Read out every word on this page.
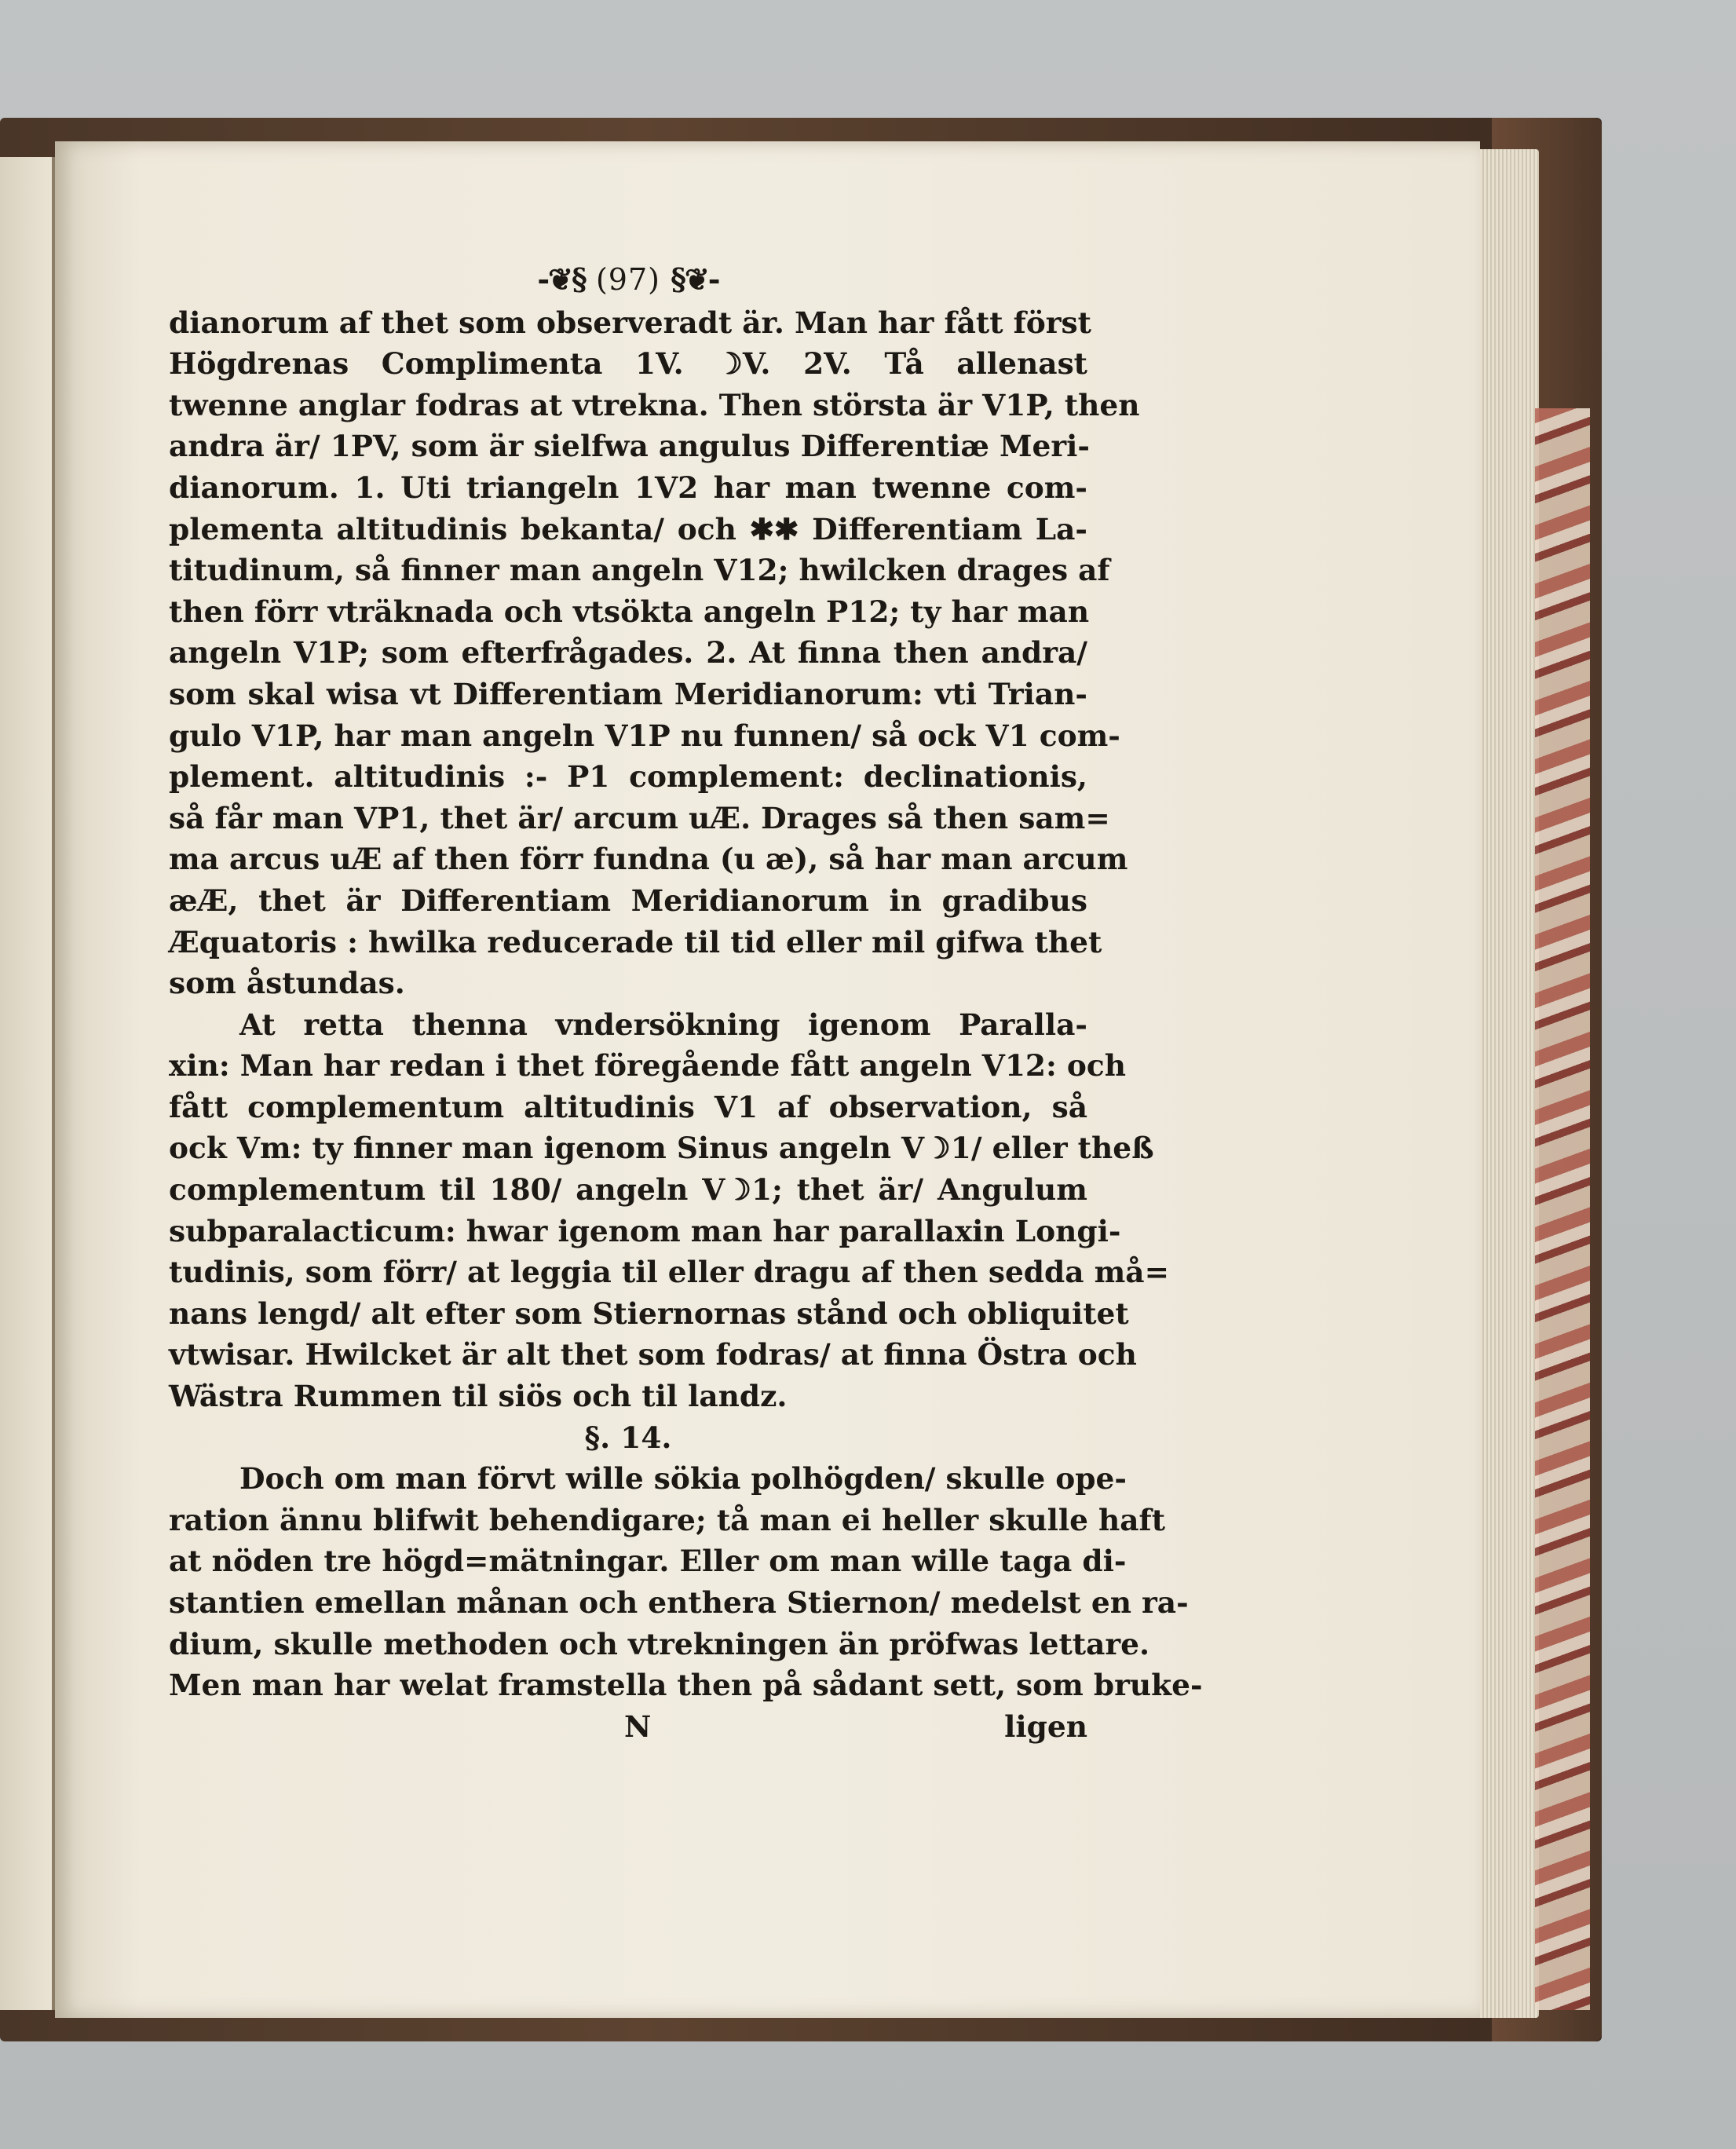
-❦§ (97) §❦-
dianorum af thet som observeradt är. Man har fått först
Högdrenas Complimenta 1V. ☽V. 2V. Tå allenast
twenne anglar fodras at vtrekna. Then största är V1P, then
andra är/ 1PV, som är sielfwa angulus Differentiæ Meri-
dianorum. 1. Uti triangeln 1V2 har man twenne com-
plementa altitudinis bekanta/ och ✱✱ Differentiam La-
titudinum, så finner man angeln V12; hwilcken drages af
then förr vträknada och vtsökta angeln P12; ty har man
angeln V1P; som efterfrågades. 2. At finna then andra/
som skal wisa vt Differentiam Meridianorum: vti Trian-
gulo V1P, har man angeln V1P nu funnen/ så ock V1 com-
plement. altitudinis :- P1 complement: declinationis,
så får man VP1, thet är/ arcum uÆ. Drages så then sam=
ma arcus uÆ af then förr fundna (u æ), så har man arcum
æÆ, thet är Differentiam Meridianorum in gradibus
Æquatoris : hwilka reducerade til tid eller mil gifwa thet
som åstundas.
At retta thenna vndersökning igenom Paralla-
xin: Man har redan i thet föregående fått angeln V12: och
fått complementum altitudinis V1 af observation, så
ock Vm: ty finner man igenom Sinus angeln V☽1/ eller theß
complementum til 180/ angeln V☽1; thet är/ Angulum
subparalacticum: hwar igenom man har parallaxin Longi-
tudinis, som förr/ at leggia til eller dragu af then sedda må=
nans lengd/ alt efter som Stiernornas stånd och obliquitet
vtwisar. Hwilcket är alt thet som fodras/ at finna Östra och
Wästra Rummen til siös och til landz.
§. 14.
Doch om man förvt wille sökia polhögden/ skulle ope-
ration ännu blifwit behendigare; tå man ei heller skulle haft
at nöden tre högd=mätningar. Eller om man wille taga di-
stantien emellan månan och enthera Stiernon/ medelst en ra-
dium, skulle methoden och vtrekningen än pröfwas lettare.
Men man har welat framstella then på sådant sett, som bruke-
N	ligen
